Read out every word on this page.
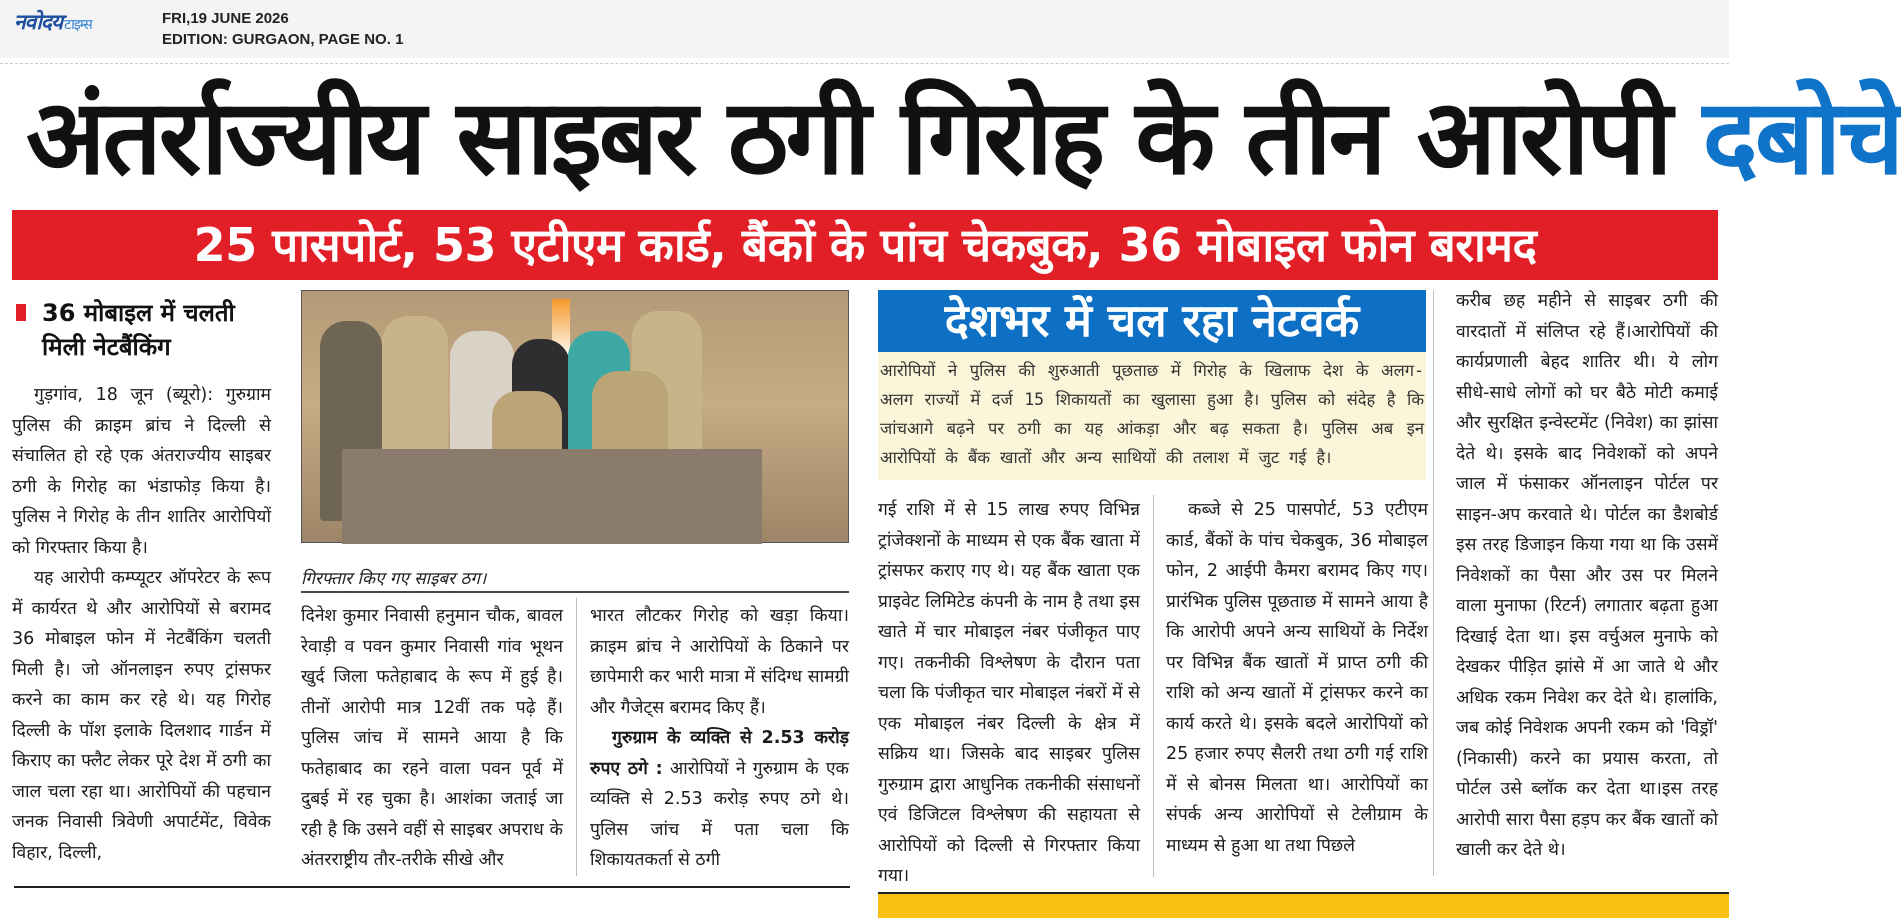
नवोदय टाइम्स	FRI,19 JUNE 2026
EDITION: GURGAON, PAGE NO. 1
अंतर्राज्यीय साइबर ठगी गिरोह के तीन आरोपी दबोचे
25 पासपोर्ट, 53 एटीएम कार्ड, बैंकों के पांच चेकबुक, 36 मोबाइल फोन बरामद
36 मोबाइल में चलती मिली नेटबैंकिंग

गुड़गांव, 18 जून (ब्यूरो): गुरुग्राम पुलिस की क्राइम ब्रांच ने दिल्ली से संचालित हो रहे एक अंतराज्यीय साइबर ठगी के गिरोह का भंडाफोड़ किया है। पुलिस ने गिरोह के तीन शातिर आरोपियों को गिरफ्तार किया है।

यह आरोपी कम्प्यूटर ऑपरेटर के रूप में कार्यरत थे और आरोपियों से बरामद 36 मोबाइल फोन में नेटबैंकिंग चलती मिली है। जो ऑनलाइन रुपए ट्रांसफर करने का काम कर रहे थे। यह गिरोह दिल्ली के पॉश इलाके दिलशाद गार्डन में किराए का फ्लैट लेकर पूरे देश में ठगी का जाल चला रहा था। आरोपियों की पहचान जनक निवासी त्रिवेणी अपार्टमेंट, विवेक विहार, दिल्ली,

गिरफ्तार किए गए साइबर ठग।

दिनेश कुमार निवासी हनुमान चौक, बावल रेवाड़ी व पवन कुमार निवासी गांव भूथन खुर्द जिला फतेहाबाद के रूप में हुई है। तीनों आरोपी मात्र 12वीं तक पढ़े हैं। पुलिस जांच में सामने आया है कि फतेहाबाद का रहने वाला पवन पूर्व में दुबई में रह चुका है। आशंका जताई जा रही है कि उसने वहीं से साइबर अपराध के अंतरराष्ट्रीय तौर-तरीके सीखे और

भारत लौटकर गिरोह को खड़ा किया। क्राइम ब्रांच ने आरोपियों के ठिकाने पर छापेमारी कर भारी मात्रा में संदिग्ध सामग्री और गैजेट्स बरामद किए हैं।

गुरुग्राम के व्यक्ति से 2.53 करोड़ रुपए ठगे : आरोपियों ने गुरुग्राम के एक व्यक्ति से 2.53 करोड़ रुपए ठगे थे। पुलिस जांच में पता चला कि शिकायतकर्ता से ठगी

देशभर में चल रहा नेटवर्क
आरोपियों ने पुलिस की शुरुआती पूछताछ में गिरोह के खिलाफ देश के अलग-अलग राज्यों में दर्ज 15 शिकायतों का खुलासा हुआ है। पुलिस को संदेह है कि जांचआगे बढ़ने पर ठगी का यह आंकड़ा और बढ़ सकता है। पुलिस अब इन आरोपियों के बैंक खातों और अन्य साथियों की तलाश में जुट गई है।

गई राशि में से 15 लाख रुपए विभिन्न ट्रांजेक्शनों के माध्यम से एक बैंक खाता में ट्रांसफर कराए गए थे। यह बैंक खाता एक प्राइवेट लिमिटेड कंपनी के नाम है तथा इस खाते में चार मोबाइल नंबर पंजीकृत पाए गए। तकनीकी विश्लेषण के दौरान पता चला कि पंजीकृत चार मोबाइल नंबरों में से एक मोबाइल नंबर दिल्ली के क्षेत्र में सक्रिय था। जिसके बाद साइबर पुलिस गुरुग्राम द्वारा आधुनिक तकनीकी संसाधनों एवं डिजिटल विश्लेषण की सहायता से आरोपियों को दिल्ली से गिरफ्तार किया गया।

कब्जे से 25 पासपोर्ट, 53 एटीएम कार्ड, बैंकों के पांच चेकबुक, 36 मोबाइल फोन, 2 आईपी कैमरा बरामद किए गए। प्रारंभिक पुलिस पूछताछ में सामने आया है कि आरोपी अपने अन्य साथियों के निर्देश पर विभिन्न बैंक खातों में प्राप्त ठगी की राशि को अन्य खातों में ट्रांसफर करने का कार्य करते थे। इसके बदले आरोपियों को 25 हजार रुपए सैलरी तथा ठगी गई राशि में से बोनस मिलता था। आरोपियों का संपर्क अन्य आरोपियों से टेलीग्राम के माध्यम से हुआ था तथा पिछले

करीब छह महीने से साइबर ठगी की वारदातों में संलिप्त रहे हैं।आरोपियों की कार्यप्रणाली बेहद शातिर थी। ये लोग सीधे-साधे लोगों को घर बैठे मोटी कमाई और सुरक्षित इन्वेस्टमेंट (निवेश) का झांसा देते थे। इसके बाद निवेशकों को अपने जाल में फंसाकर ऑनलाइन पोर्टल पर साइन-अप करवाते थे। पोर्टल का डैशबोर्ड इस तरह डिजाइन किया गया था कि उसमें निवेशकों का पैसा और उस पर मिलने वाला मुनाफा (रिटर्न) लगातार बढ़ता हुआ दिखाई देता था। इस वर्चुअल मुनाफे को देखकर पीड़ित झांसे में आ जाते थे और अधिक रकम निवेश कर देते थे। हालांकि, जब कोई निवेशक अपनी रकम को 'विड्रॉ' (निकासी) करने का प्रयास करता, तो पोर्टल उसे ब्लॉक कर देता था।इस तरह आरोपी सारा पैसा हड़प कर बैंक खातों को खाली कर देते थे।
